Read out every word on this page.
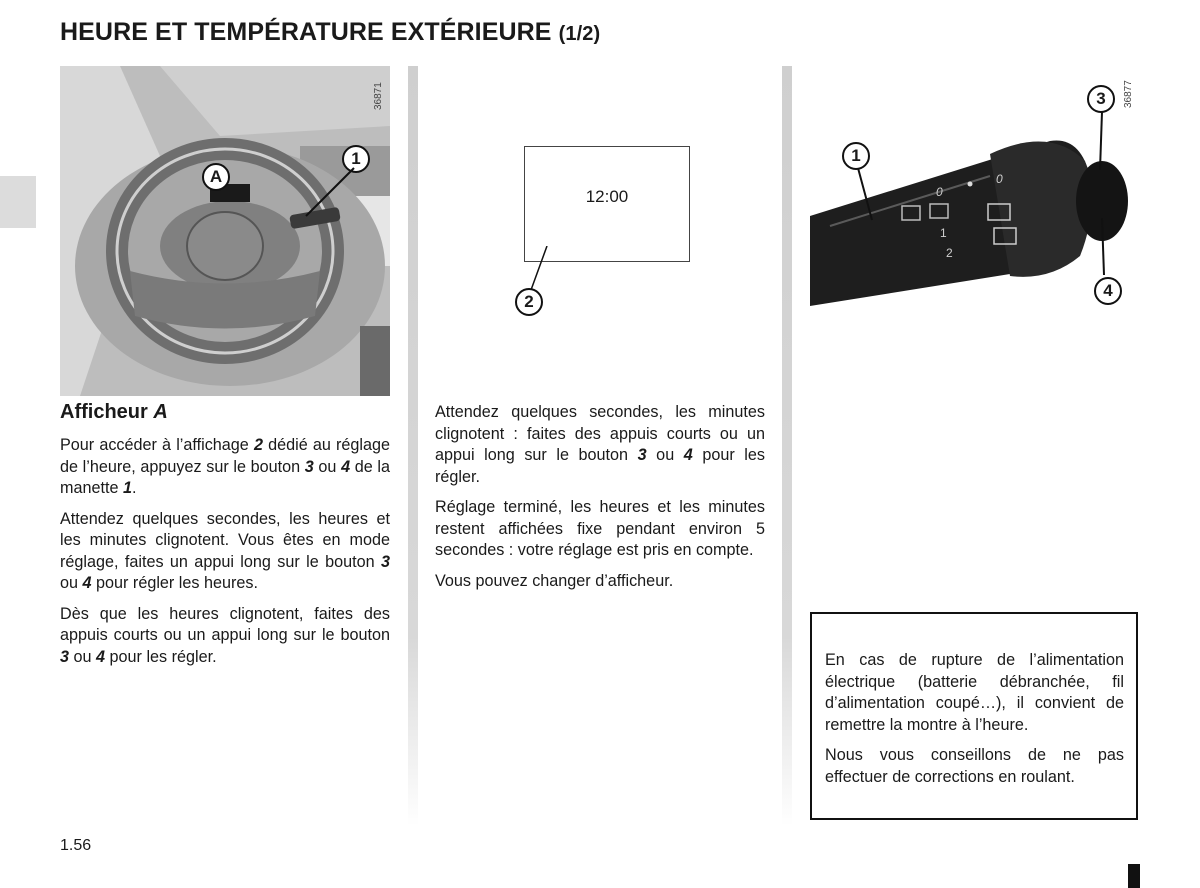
HEURE ET TEMPÉRATURE EXTÉRIEURE (1/2)
36871
A
1
12:00
2
0
0
1
2
36877
1
3
4
Afficheur A

Pour accéder à l’affichage 2 dédié au réglage de l’heure, appuyez sur le bouton 3 ou 4 de la manette 1.

Attendez quelques secondes, les heures et les minutes clignotent. Vous êtes en mode réglage, faites un appui long sur le bouton 3 ou 4 pour régler les heures.

Dès que les heures clignotent, faites des appuis courts ou un appui long sur le bouton 3 ou 4 pour les régler.

Attendez quelques secondes, les minutes clignotent : faites des appuis courts ou un appui long sur le bouton 3 ou 4 pour les régler.

Réglage terminé, les heures et les minutes restent affichées fixe pendant environ 5 secondes : votre réglage est pris en compte.

Vous pouvez changer d’afficheur.

En cas de rupture de l’alimentation électrique (batterie débranchée, fil d’alimentation coupé…), il convient de remettre la montre à l’heure.

Nous vous conseillons de ne pas effectuer de corrections en roulant.

1.56
